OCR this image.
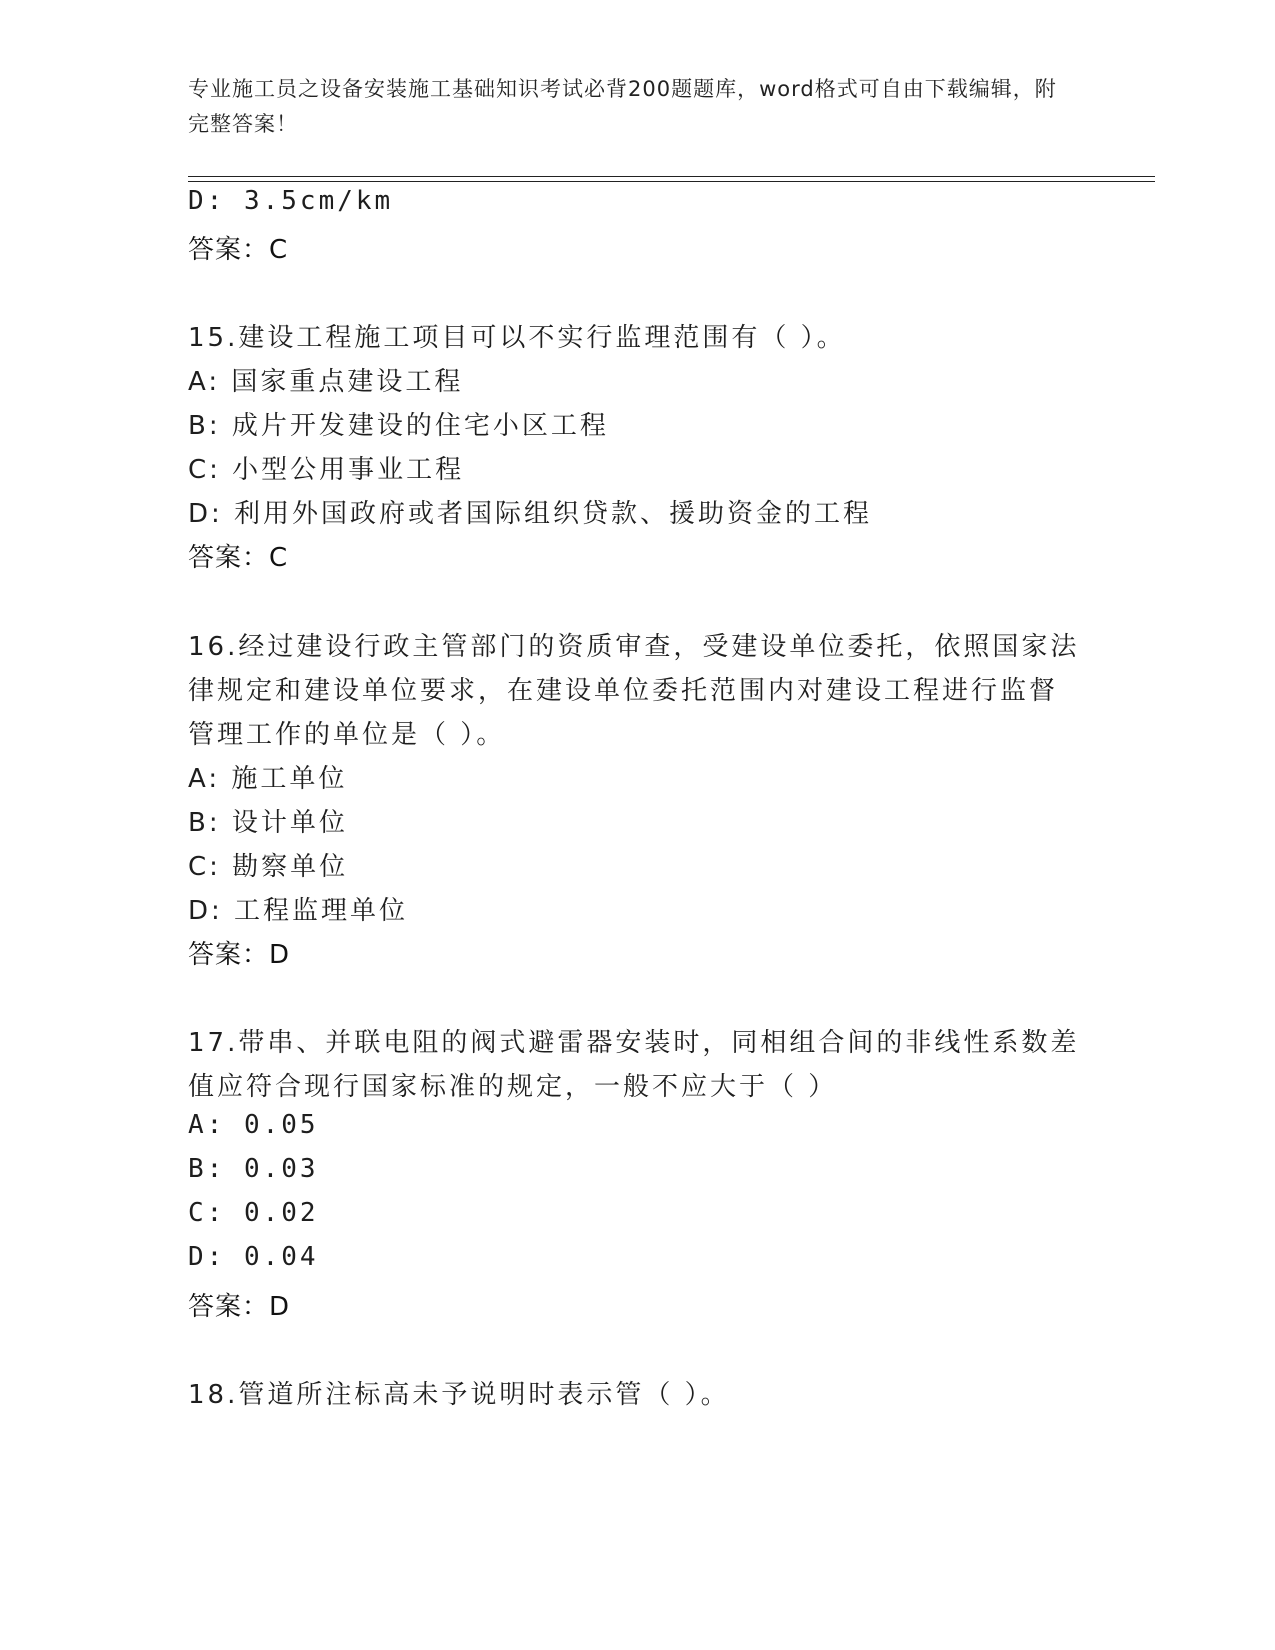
专业施工员之设备安装施工基础知识考试必背200题题库，word格式可自由下载编辑，附完整答案！
D: 3.5cm/km
答案：C
15.建设工程施工项目可以不实行监理范围有（ ）。
A: 国家重点建设工程
B: 成片开发建设的住宅小区工程
C: 小型公用事业工程
D: 利用外国政府或者国际组织贷款、援助资金的工程
答案：C
16.经过建设行政主管部门的资质审查，受建设单位委托，依照国家法
律规定和建设单位要求，在建设单位委托范围内对建设工程进行监督
管理工作的单位是（ ）。
A: 施工单位
B: 设计单位
C: 勘察单位
D: 工程监理单位
答案：D
17.带串、并联电阻的阀式避雷器安装时，同相组合间的非线性系数差
值应符合现行国家标准的规定，一般不应大于（ ）
A: 0.05
B: 0.03
C: 0.02
D: 0.04
答案：D
18.管道所注标高未予说明时表示管（ ）。
